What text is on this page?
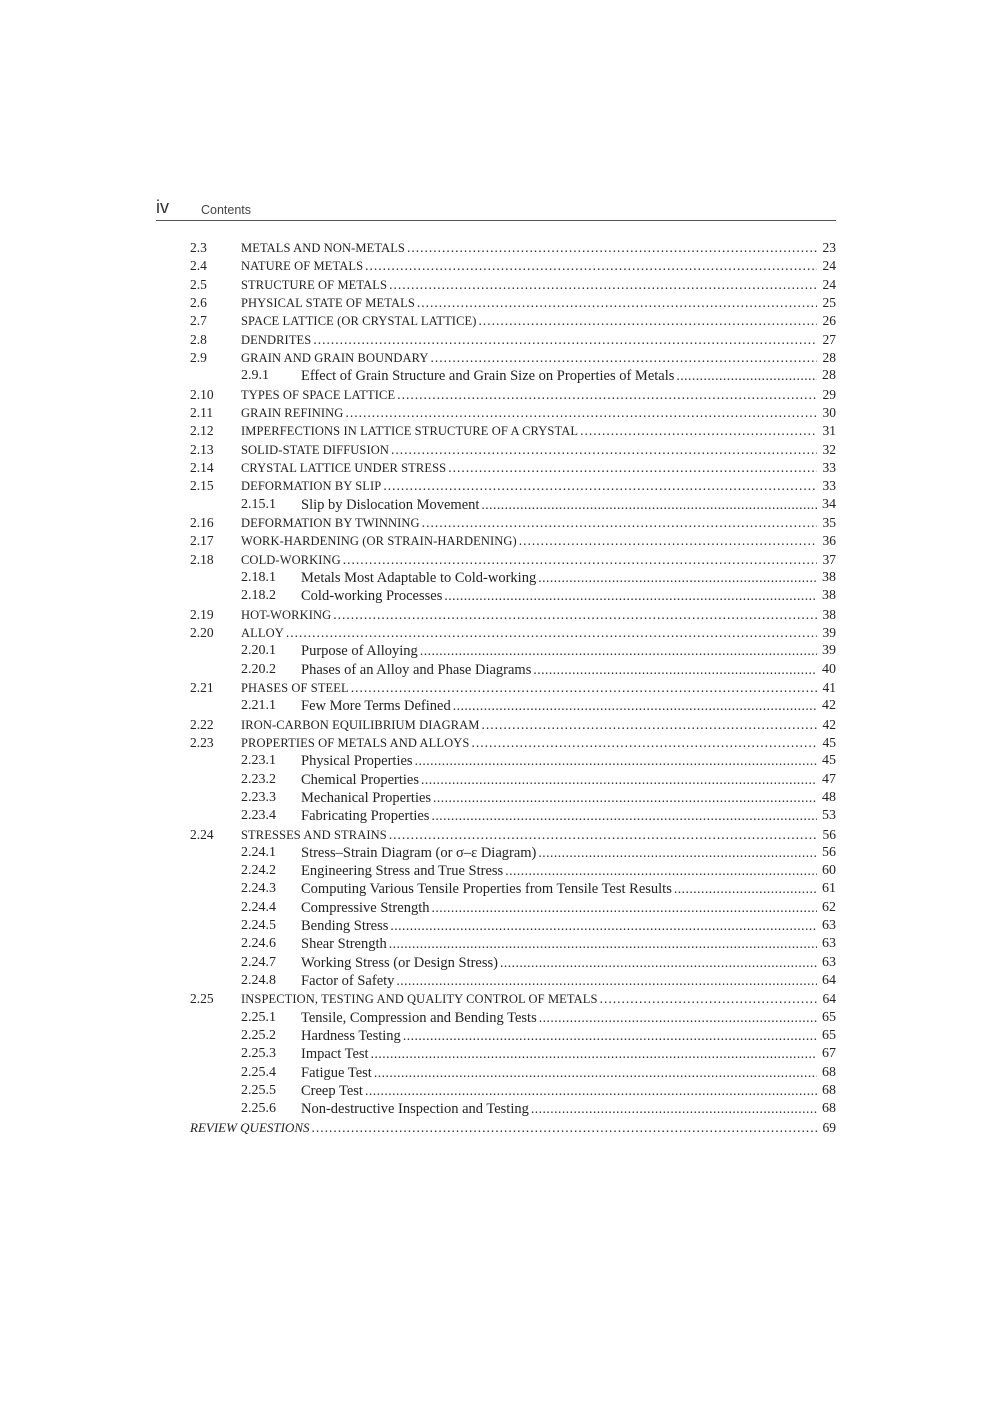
iv	Contents
2.3	METALS AND NON-METALS .....	23
2.4	NATURE OF METALS .....	24
2.5	STRUCTURE OF METALS .....	24
2.6	PHYSICAL STATE OF METALS .....	25
2.7	SPACE LATTICE (OR CRYSTAL LATTICE) .....	26
2.8	DENDRITES .....	27
2.9	GRAIN AND GRAIN BOUNDARY .....	28
2.9.1	Effect of Grain Structure and Grain Size on Properties of Metals .....	28
2.10 TYPES OF SPACE LATTICE .....	29
2.11 GRAIN REFINING .....	30
2.12 IMPERFECTIONS IN LATTICE STRUCTURE OF A CRYSTAL .....	31
2.13 SOLID-STATE DIFFUSION .....	32
2.14 CRYSTAL LATTICE UNDER STRESS .....	33
2.15 DEFORMATION BY SLIP .....	33
2.15.1	Slip by Dislocation Movement .....	34
2.16 DEFORMATION BY TWINNING .....	35
2.17 WORK-HARDENING (OR STRAIN-HARDENING) .....	36
2.18 COLD-WORKING .....	37
2.18.1	Metals Most Adaptable to Cold-working .....	38
2.18.2	Cold-working Processes .....	38
2.19 HOT-WORKING .....	38
2.20 ALLOY .....	39
2.20.1	Purpose of Alloying .....	39
2.20.2	Phases of an Alloy and Phase Diagrams .....	40
2.21 PHASES OF STEEL .....	41
2.21.1	Few More Terms Defined .....	42
2.22 IRON-CARBON EQUILIBRIUM DIAGRAM .....	42
2.23 PROPERTIES OF METALS AND ALLOYS .....	45
2.23.1	Physical Properties .....	45
2.23.2	Chemical Properties .....	47
2.23.3	Mechanical Properties .....	48
2.23.4	Fabricating Properties .....	53
2.24 STRESSES AND STRAINS .....	56
2.24.1	Stress–Strain Diagram (or σ–ε Diagram) .....	56
2.24.2	Engineering Stress and True Stress .....	60
2.24.3	Computing Various Tensile Properties from Tensile Test Results .....	61
2.24.4	Compressive Strength .....	62
2.24.5	Bending Stress .....	63
2.24.6	Shear Strength .....	63
2.24.7	Working Stress (or Design Stress) .....	63
2.24.8	Factor of Safety .....	64
2.25 INSPECTION, TESTING AND QUALITY CONTROL OF METALS .....	64
2.25.1	Tensile, Compression and Bending Tests .....	65
2.25.2	Hardness Testing .....	65
2.25.3	Impact Test .....	67
2.25.4	Fatigue Test .....	68
2.25.5	Creep Test .....	68
2.25.6	Non-destructive Inspection and Testing .....	68
REVIEW QUESTIONS .....	69
